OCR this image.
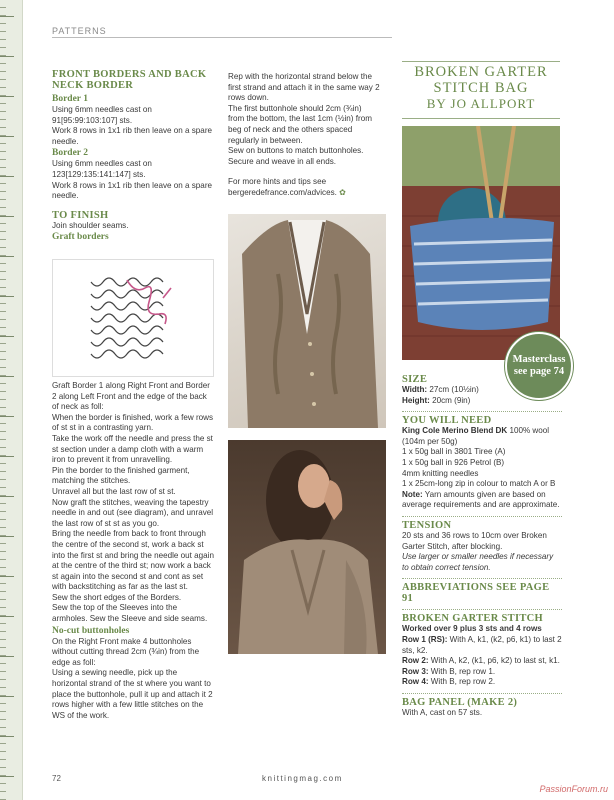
PATTERNS

FRONT BORDERS AND BACK NECK BORDER

Border 1

Using 6mm needles cast on 91[95:99:103:107] sts.

Work 8 rows in 1x1 rib then leave on a spare needle.

Border 2

Using 6mm needles cast on 123[129:135:141:147] sts.

Work 8 rows in 1x1 rib then leave on a spare needle.

TO FINISH

Join shoulder seams.

Graft borders

Graft Border 1 along Right Front and Border 2 along Left Front and the edge of the back of neck as foll:

When the border is finished, work a few rows of st st in a contrasting yarn.

Take the work off the needle and press the st st section under a damp cloth with a warm iron to prevent it from unravelling.

Pin the border to the finished garment, matching the stitches.

Unravel all but the last row of st st.

Now graft the stitches, weaving the tapestry needle in and out (see diagram), and unravel the last row of st st as you go.

Bring the needle from back to front through the centre of the second st, work a back st into the first st and bring the needle out again at the centre of the third st; now work a back st again into the second st and cont as set with backstitching as far as the last st.

Sew the short edges of the Borders.

Sew the top of the Sleeves into the armholes. Sew the Sleeve and side seams.

No-cut buttonholes

On the Right Front make 4 buttonholes without cutting thread 2cm (¾in) from the edge as foll:

Using a sewing needle, pick up the horizontal strand of the st where you want to place the buttonhole, pull it up and attach it 2 rows higher with a few little stitches on the WS of the work.

Rep with the horizontal strand below the first strand and attach it in the same way 2 rows down.

The first buttonhole should 2cm (¾in) from the bottom, the last 1cm (½in) from beg of neck and the others spaced regularly in between.

Sew on buttons to match buttonholes. Secure and weave in all ends.

For more hints and tips see bergeredefrance.com/advices. ✿

BROKEN GARTER
STITCH BAG
BY JO ALLPORT
Masterclass
see page 74

SIZE

Width: 27cm (10½in)

Height: 20cm (9in)

YOU WILL NEED

King Cole Merino Blend DK 100% wool (104m per 50g)

1 x 50g ball in 3801 Tiree (A)

1 x 50g ball in 926 Petrol (B)

4mm knitting needles

1 x 25cm-long zip in colour to match A or B

Note: Yarn amounts given are based on average requirements and are approximate.

TENSION

20 sts and 36 rows to 10cm over Broken Garter Stitch, after blocking.

Use larger or smaller needles if necessary to obtain correct tension.

ABBREVIATIONS SEE PAGE 91

BROKEN GARTER STITCH

Worked over 9 plus 3 sts and 4 rows

Row 1 (RS): With A, k1, (k2, p6, k1) to last 2 sts, k2.

Row 2: With A, k2, (k1, p6, k2) to last st, k1.

Row 3: With B, rep row 1.

Row 4: With B, rep row 2.

BAG PANEL (MAKE 2)

With A, cast on 57 sts.

72	knittingmag.com
PassionForum.ru
